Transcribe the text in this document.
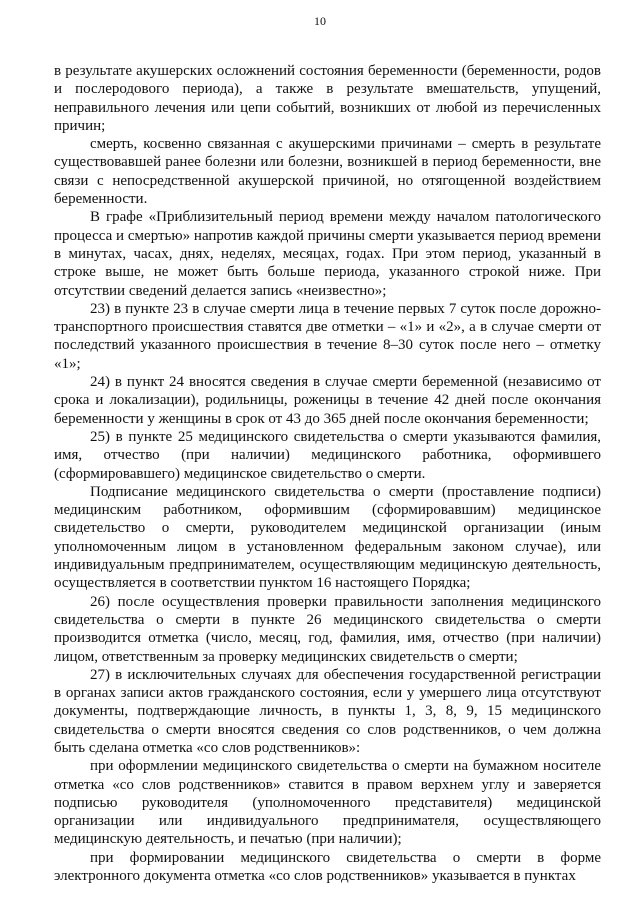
10

в результате акушерских осложнений состояния беременности (беременности, родов и послеродового периода), а также в результате вмешательств, упущений, неправильного лечения или цепи событий, возникших от любой из перечисленных причин;

смерть, косвенно связанная с акушерскими причинами – смерть в результате существовавшей ранее болезни или болезни, возникшей в период беременности, вне связи с непосредственной акушерской причиной, но отягощенной воздействием беременности.

В графе «Приблизительный период времени между началом патологического процесса и смертью» напротив каждой причины смерти указывается период времени в минутах, часах, днях, неделях, месяцах, годах. При этом период, указанный в строке выше, не может быть больше периода, указанного строкой ниже. При отсутствии сведений делается запись «неизвестно»;

23) в пункте 23 в случае смерти лица в течение первых 7 суток после дорожно-транспортного происшествия ставятся две отметки – «1» и «2», а в случае смерти от последствий указанного происшествия в течение 8–30 суток после него – отметку «1»;

24) в пункт 24 вносятся сведения в случае смерти беременной (независимо от срока и локализации), родильницы, роженицы в течение 42 дней после окончания беременности у женщины в срок от 43 до 365 дней после окончания беременности;

25) в пункте 25 медицинского свидетельства о смерти указываются фамилия, имя, отчество (при наличии) медицинского работника, оформившего (сформировавшего) медицинское свидетельство о смерти.

Подписание медицинского свидетельства о смерти (проставление подписи) медицинским работником, оформившим (сформировавшим) медицинское свидетельство о смерти, руководителем медицинской организации (иным уполномоченным лицом в установленном федеральным законом случае), или индивидуальным предпринимателем, осуществляющим медицинскую деятельность, осуществляется в соответствии пунктом 16 настоящего Порядка;

26) после осуществления проверки правильности заполнения медицинского свидетельства о смерти в пункте 26 медицинского свидетельства о смерти производится отметка (число, месяц, год, фамилия, имя, отчество (при наличии) лицом, ответственным за проверку медицинских свидетельств о смерти;

27) в исключительных случаях для обеспечения государственной регистрации в органах записи актов гражданского состояния, если у умершего лица отсутствуют документы, подтверждающие личность, в пункты 1, 3, 8, 9, 15 медицинского свидетельства о смерти вносятся сведения со слов родственников, о чем должна быть сделана отметка «со слов родственников»:

при оформлении медицинского свидетельства о смерти на бумажном носителе отметка «со слов родственников» ставится в правом верхнем углу и заверяется подписью руководителя (уполномоченного представителя) медицинской организации или индивидуального предпринимателя, осуществляющего медицинскую деятельность, и печатью (при наличии);

при формировании медицинского свидетельства о смерти в форме электронного документа отметка «со слов родственников» указывается в пунктах
